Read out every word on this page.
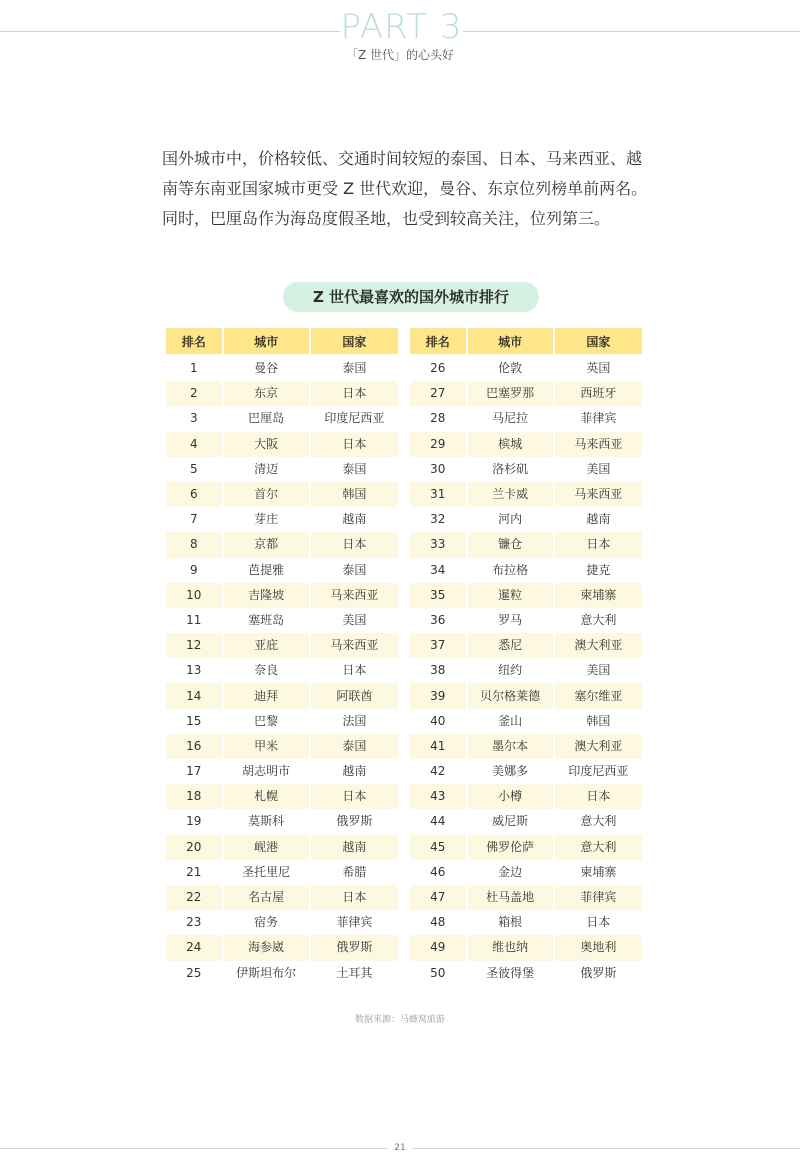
PART 3
「Z 世代」的心头好

国外城市中，价格较低、交通时间较短的泰国、日本、马来西亚、越

南等东南亚国家城市更受 Z 世代欢迎，曼谷、东京位列榜单前两名。

同时，巴厘岛作为海岛度假圣地，也受到较高关注，位列第三。

Z 世代最喜欢的国外城市排行
排名	城市	国家
1	曼谷	泰国
2	东京	日本
3	巴厘岛	印度尼西亚
4	大阪	日本
5	清迈	泰国
6	首尔	韩国
7	芽庄	越南
8	京都	日本
9	芭提雅	泰国
10	吉隆坡	马来西亚
11	塞班岛	美国
12	亚庇	马来西亚
13	奈良	日本
14	迪拜	阿联酋
15	巴黎	法国
16	甲米	泰国
17	胡志明市	越南
18	札幌	日本
19	莫斯科	俄罗斯
20	岘港	越南
21	圣托里尼	希腊
22	名古屋	日本
23	宿务	菲律宾
24	海参崴	俄罗斯
25	伊斯坦布尔	土耳其
排名	城市	国家
26	伦敦	英国
27	巴塞罗那	西班牙
28	马尼拉	菲律宾
29	槟城	马来西亚
30	洛杉矶	美国
31	兰卡威	马来西亚
32	河内	越南
33	镰仓	日本
34	布拉格	捷克
35	暹粒	柬埔寨
36	罗马	意大利
37	悉尼	澳大利亚
38	纽约	美国
39	贝尔格莱德	塞尔维亚
40	釜山	韩国
41	墨尔本	澳大利亚
42	美娜多	印度尼西亚
43	小樽	日本
44	威尼斯	意大利
45	佛罗伦萨	意大利
46	金边	柬埔寨
47	杜马盖地	菲律宾
48	箱根	日本
49	维也纳	奥地利
50	圣彼得堡	俄罗斯
数据来源：马蜂窝旅游
21
